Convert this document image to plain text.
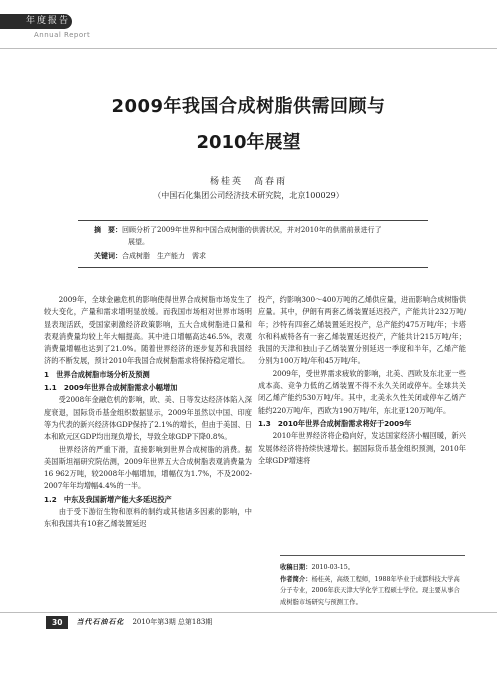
年度报告
Annual Report
2009年我国合成树脂供需回顾与
2010年展望
杨桂英　高春雨
（中国石化集团公司经济技术研究院，北京100029）
摘　要：回顾分析了2009年世界和中国合成树脂的供需状况，并对2010年的供需前景进行了
展望。
关键词：合成树脂　生产能力　需求

　　2009年，全球金融危机的影响使得世界合成树脂市场发生了较大变化，产量和需求增明显放缓。而我国市场相对世界市场明显表现活跃，受国家刺激经济政策影响，五大合成树脂进口量和表观消费量均较上年大幅提高。其中进口增幅高达46.5%，表观消费量增幅也达到了21.0%。随着世界经济的逐步复苏和我国经济的不断发展，预计2010年我国合成树脂需求将保持稳定增长。

1　世界合成树脂市场分析及预测

1.1　2009年世界合成树脂需求小幅增加

　　受2008年金融危机的影响，欧、美、日等发达经济体陷入深度衰退，国际货币基金组织数据显示，2009年虽然以中国、印度等为代表的新兴经济体GDP保持了2.1%的增长，但由于美国、日本和欧元区GDP均出现负增长，导致全球GDP下降0.8%。

　　世界经济的严重下滑，直接影响到世界合成树脂的消费。据美国斯坦福研究院估测，2009年世界五大合成树脂表观消费量为16 962万吨，较2008年小幅增加，增幅仅为1.7%，不及2002-2007年年均增幅4.4%的一半。

1.2　中东及我国新增产能大多延迟投产

　　由于受下游衍生物和原料的制约或其他诸多因素的影响，中东和我国共有10套乙烯装置延迟

投产，约影响300～400万吨的乙烯供应量，进而影响合成树脂供应量。其中，伊朗有两套乙烯装置延迟投产，产能共计232万吨/年；沙特有四套乙烯装置延迟投产，总产能约475万吨/年；卡塔尔和科威特各有一套乙烯装置延迟投产，产能共计215万吨/年；我国的天津和独山子乙烯装置分别延迟一季度和半年，乙烯产能分别为100万吨/年和45万吨/年。

　　2009年，受世界需求疲软的影响，北美、西欧及东北亚一些成本高、竞争力低的乙烯装置不得不永久关闭或停车。全球共关闭乙烯产能约530万吨/年。其中，北美永久性关闭或停车乙烯产能约220万吨/年，西欧为190万吨/年，东北亚120万吨/年。

1.3　2010年世界合成树脂需求将好于2009年

　　2010年世界经济将企稳向好，发达国家经济小幅回暖，新兴发展体经济将持续快速增长。据国际货币基金组织预测，2010年全球GDP增速将

收稿日期：2010-03-15。
作者简介：杨桂英，高级工程师，1988年毕业于成都科技大学高分子专业，2006年获天津大学化学工程硕士学位。现主要从事合成树脂市场研究与预测工作。
30	当代石油石化 2010年第3期 总第183期
